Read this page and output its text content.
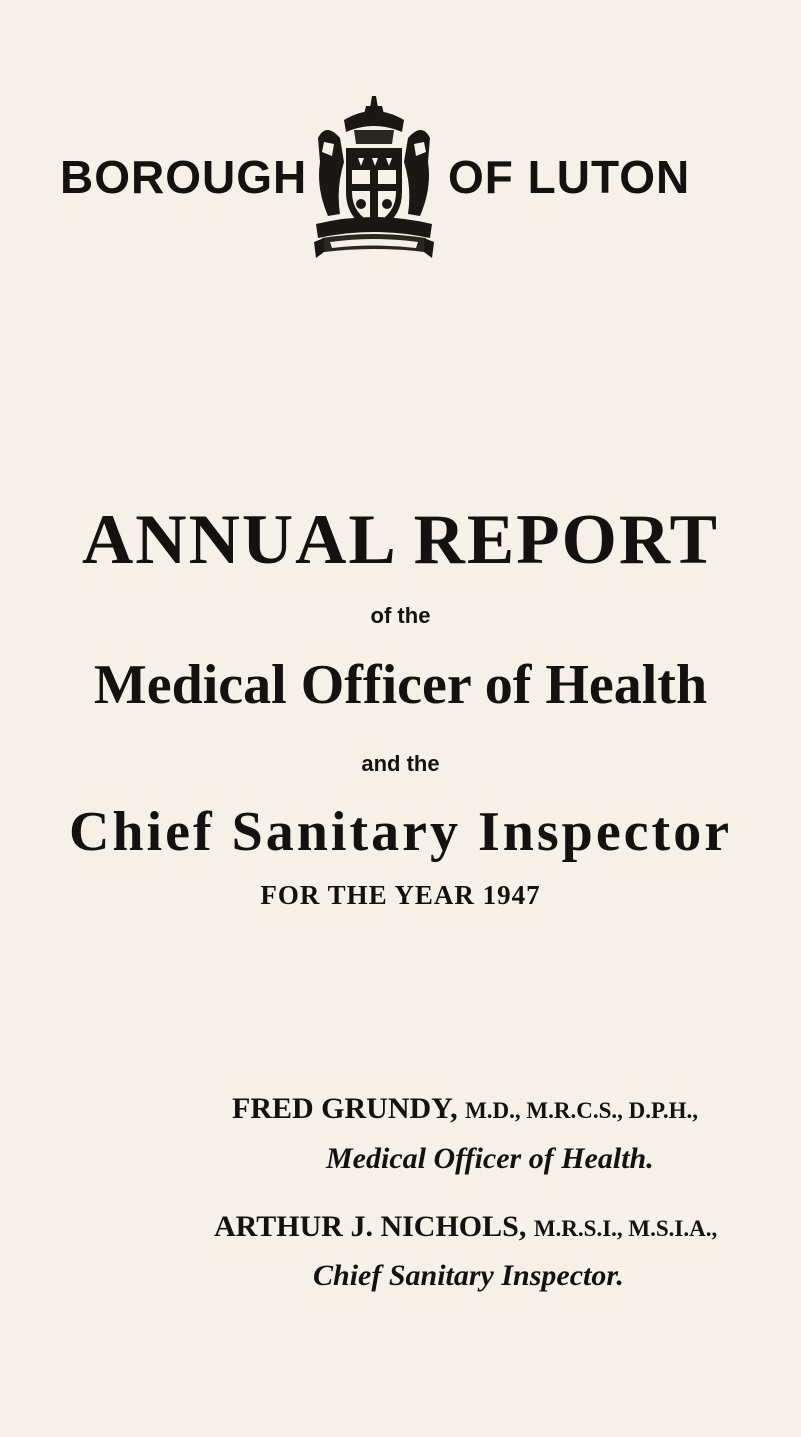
BOROUGH	OF LUTON
ANNUAL REPORT
of the
Medical Officer of Health
and the
Chief Sanitary Inspector
FOR THE YEAR 1947
FRED GRUNDY, M.D., M.R.C.S., D.P.H.,
Medical Officer of Health.
ARTHUR J. NICHOLS, M.R.S.I., M.S.I.A.,
Chief Sanitary Inspector.
